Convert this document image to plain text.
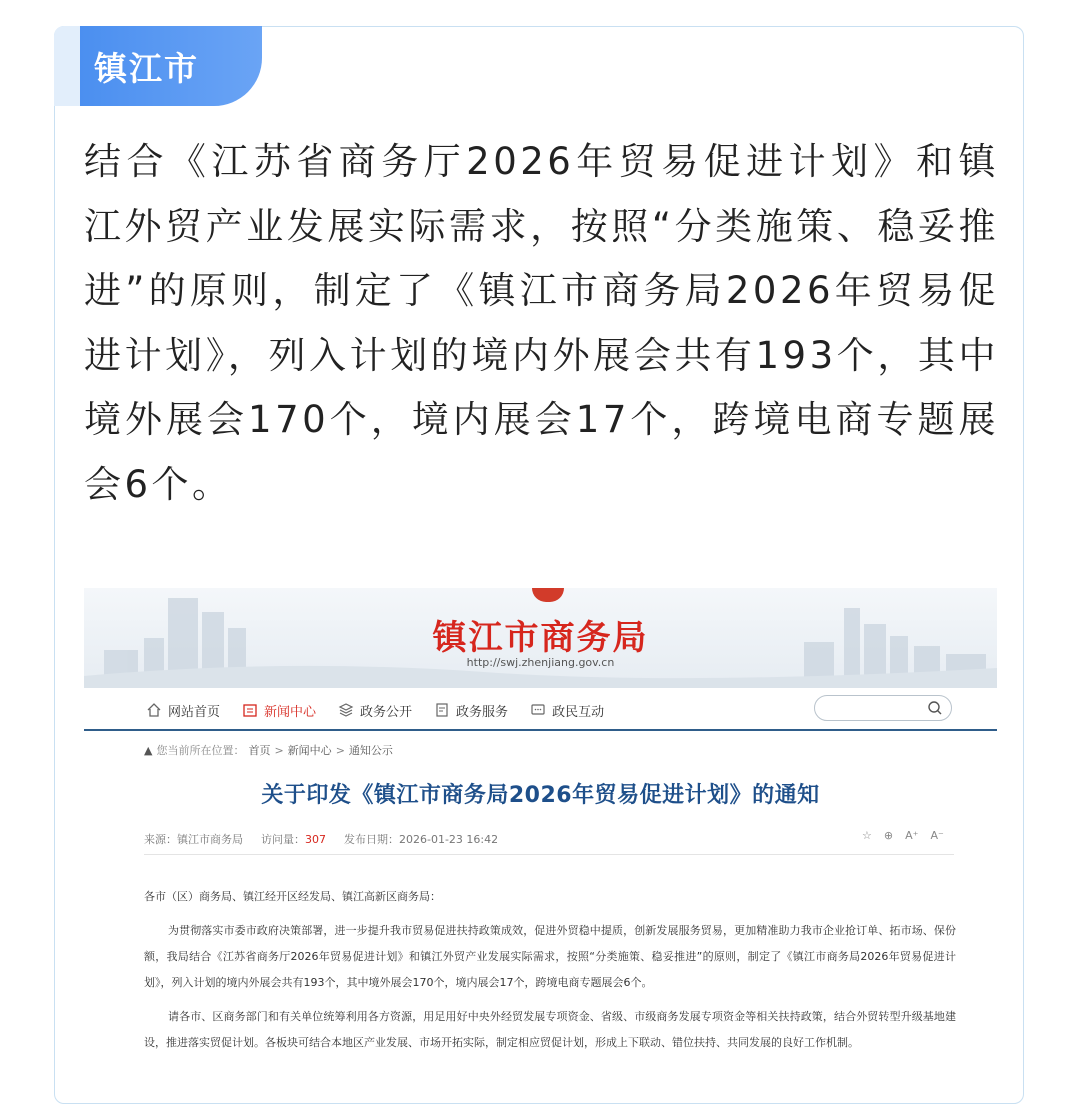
镇江市

结合《江苏省商务厅2026年贸易促进计划》和镇江外贸产业发展实际需求，按照“分类施策、稳妥推进”的原则，制定了《镇江市商务局2026年贸易促进计划》，列入计划的境内外展会共有193个，其中境外展会170个，境内展会17个，跨境电商专题展会6个。

镇江市商务局
http://swj.zhenjiang.gov.cn
网站首页	新闻中心	政务公开	政务服务	政民互动
▲ 您当前所在位置： 首页 > 新闻中心 > 通知公示
关于印发《镇江市商务局2026年贸易促进计划》的通知
来源：镇江市商务局 访问量：307 发布日期：2026-01-23 16:42	☆ ⊕ A⁺ A⁻

各市（区）商务局、镇江经开区经发局、镇江高新区商务局：

为贯彻落实市委市政府决策部署，进一步提升我市贸易促进扶持政策成效，促进外贸稳中提质，创新发展服务贸易，更加精准助力我市企业抢订单、拓市场、保份额，我局结合《江苏省商务厅2026年贸易促进计划》和镇江外贸产业发展实际需求，按照“分类施策、稳妥推进”的原则，制定了《镇江市商务局2026年贸易促进计划》，列入计划的境内外展会共有193个，其中境外展会170个，境内展会17个，跨境电商专题展会6个。

请各市、区商务部门和有关单位统筹利用各方资源，用足用好中央外经贸发展专项资金、省级、市级商务发展专项资金等相关扶持政策，结合外贸转型升级基地建设，推进落实贸促计划。各板块可结合本地区产业发展、市场开拓实际，制定相应贸促计划，形成上下联动、错位扶持、共同发展的良好工作机制。
